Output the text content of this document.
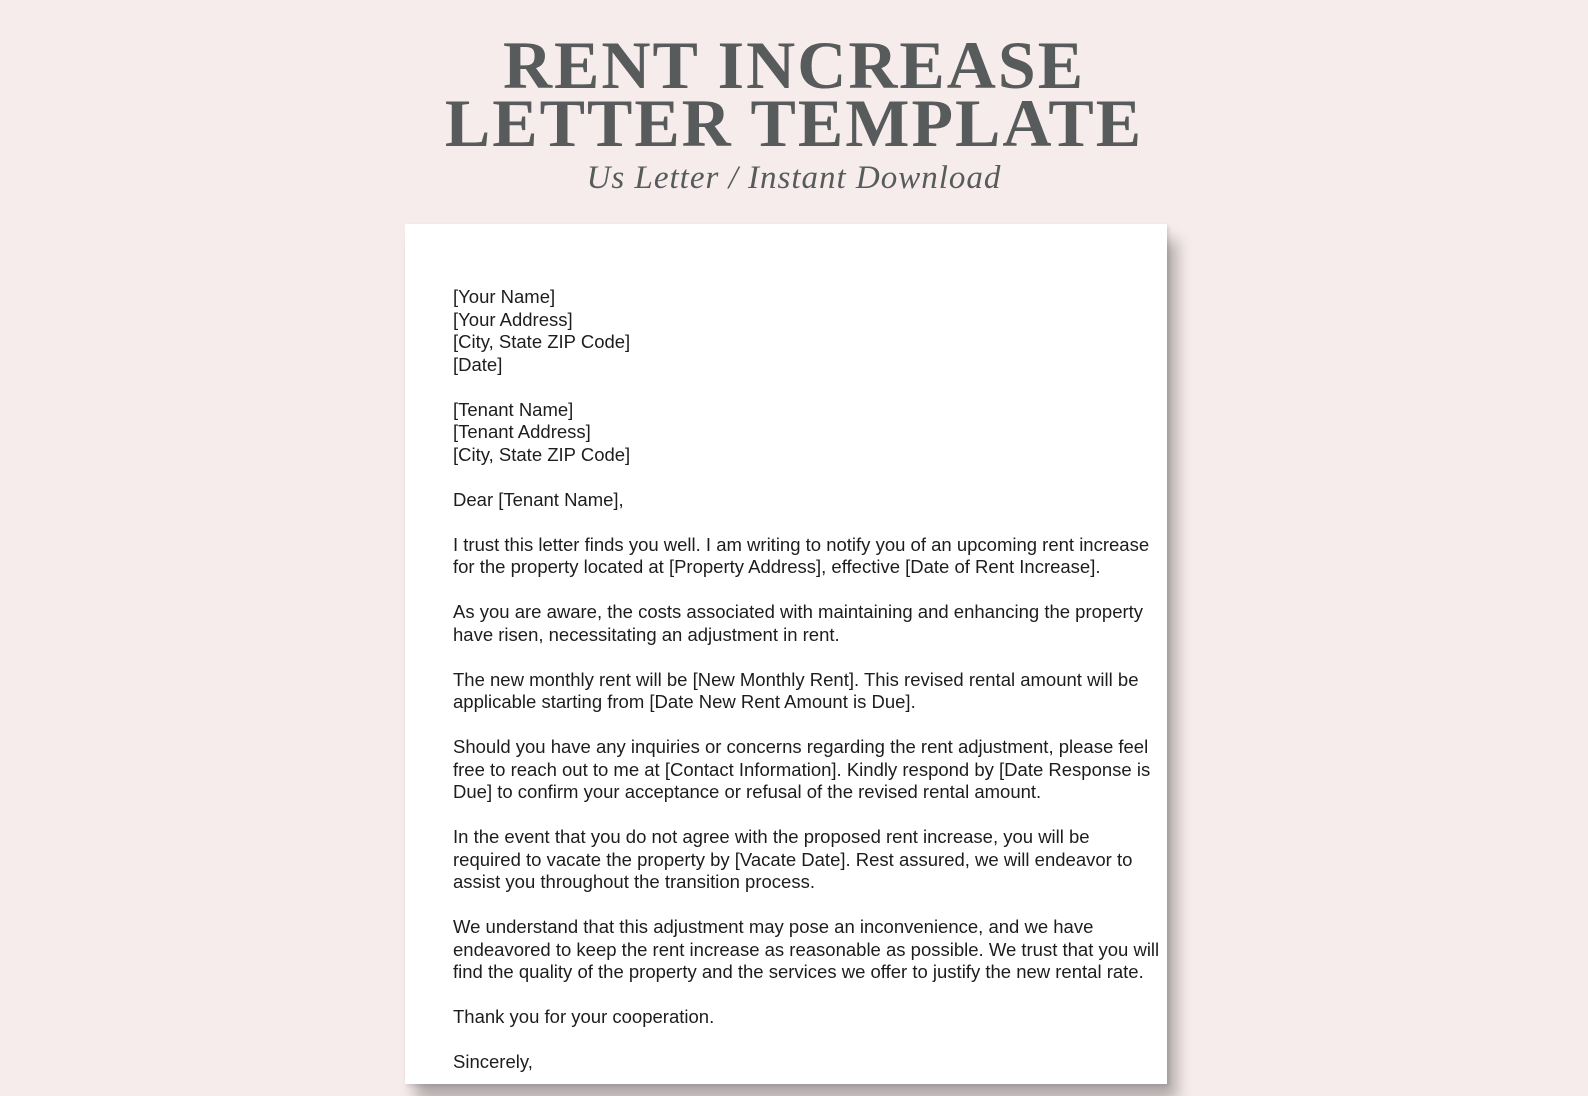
RENT INCREASE
LETTER TEMPLATE
Us Letter / Instant Download
[Your Name]
[Your Address]
[City, State ZIP Code]
[Date]
[Tenant Name]
[Tenant Address]
[City, State ZIP Code]
Dear [Tenant Name],
I trust this letter finds you well. I am writing to notify you of an upcoming rent increase
for the property located at [Property Address], effective [Date of Rent Increase].
As you are aware, the costs associated with maintaining and enhancing the property
have risen, necessitating an adjustment in rent.
The new monthly rent will be [New Monthly Rent]. This revised rental amount will be
applicable starting from [Date New Rent Amount is Due].
Should you have any inquiries or concerns regarding the rent adjustment, please feel
free to reach out to me at [Contact Information]. Kindly respond by [Date Response is
Due] to confirm your acceptance or refusal of the revised rental amount.
In the event that you do not agree with the proposed rent increase, you will be
required to vacate the property by [Vacate Date]. Rest assured, we will endeavor to
assist you throughout the transition process.
We understand that this adjustment may pose an inconvenience, and we have
endeavored to keep the rent increase as reasonable as possible. We trust that you will
find the quality of the property and the services we offer to justify the new rental rate.
Thank you for your cooperation.
Sincerely,
